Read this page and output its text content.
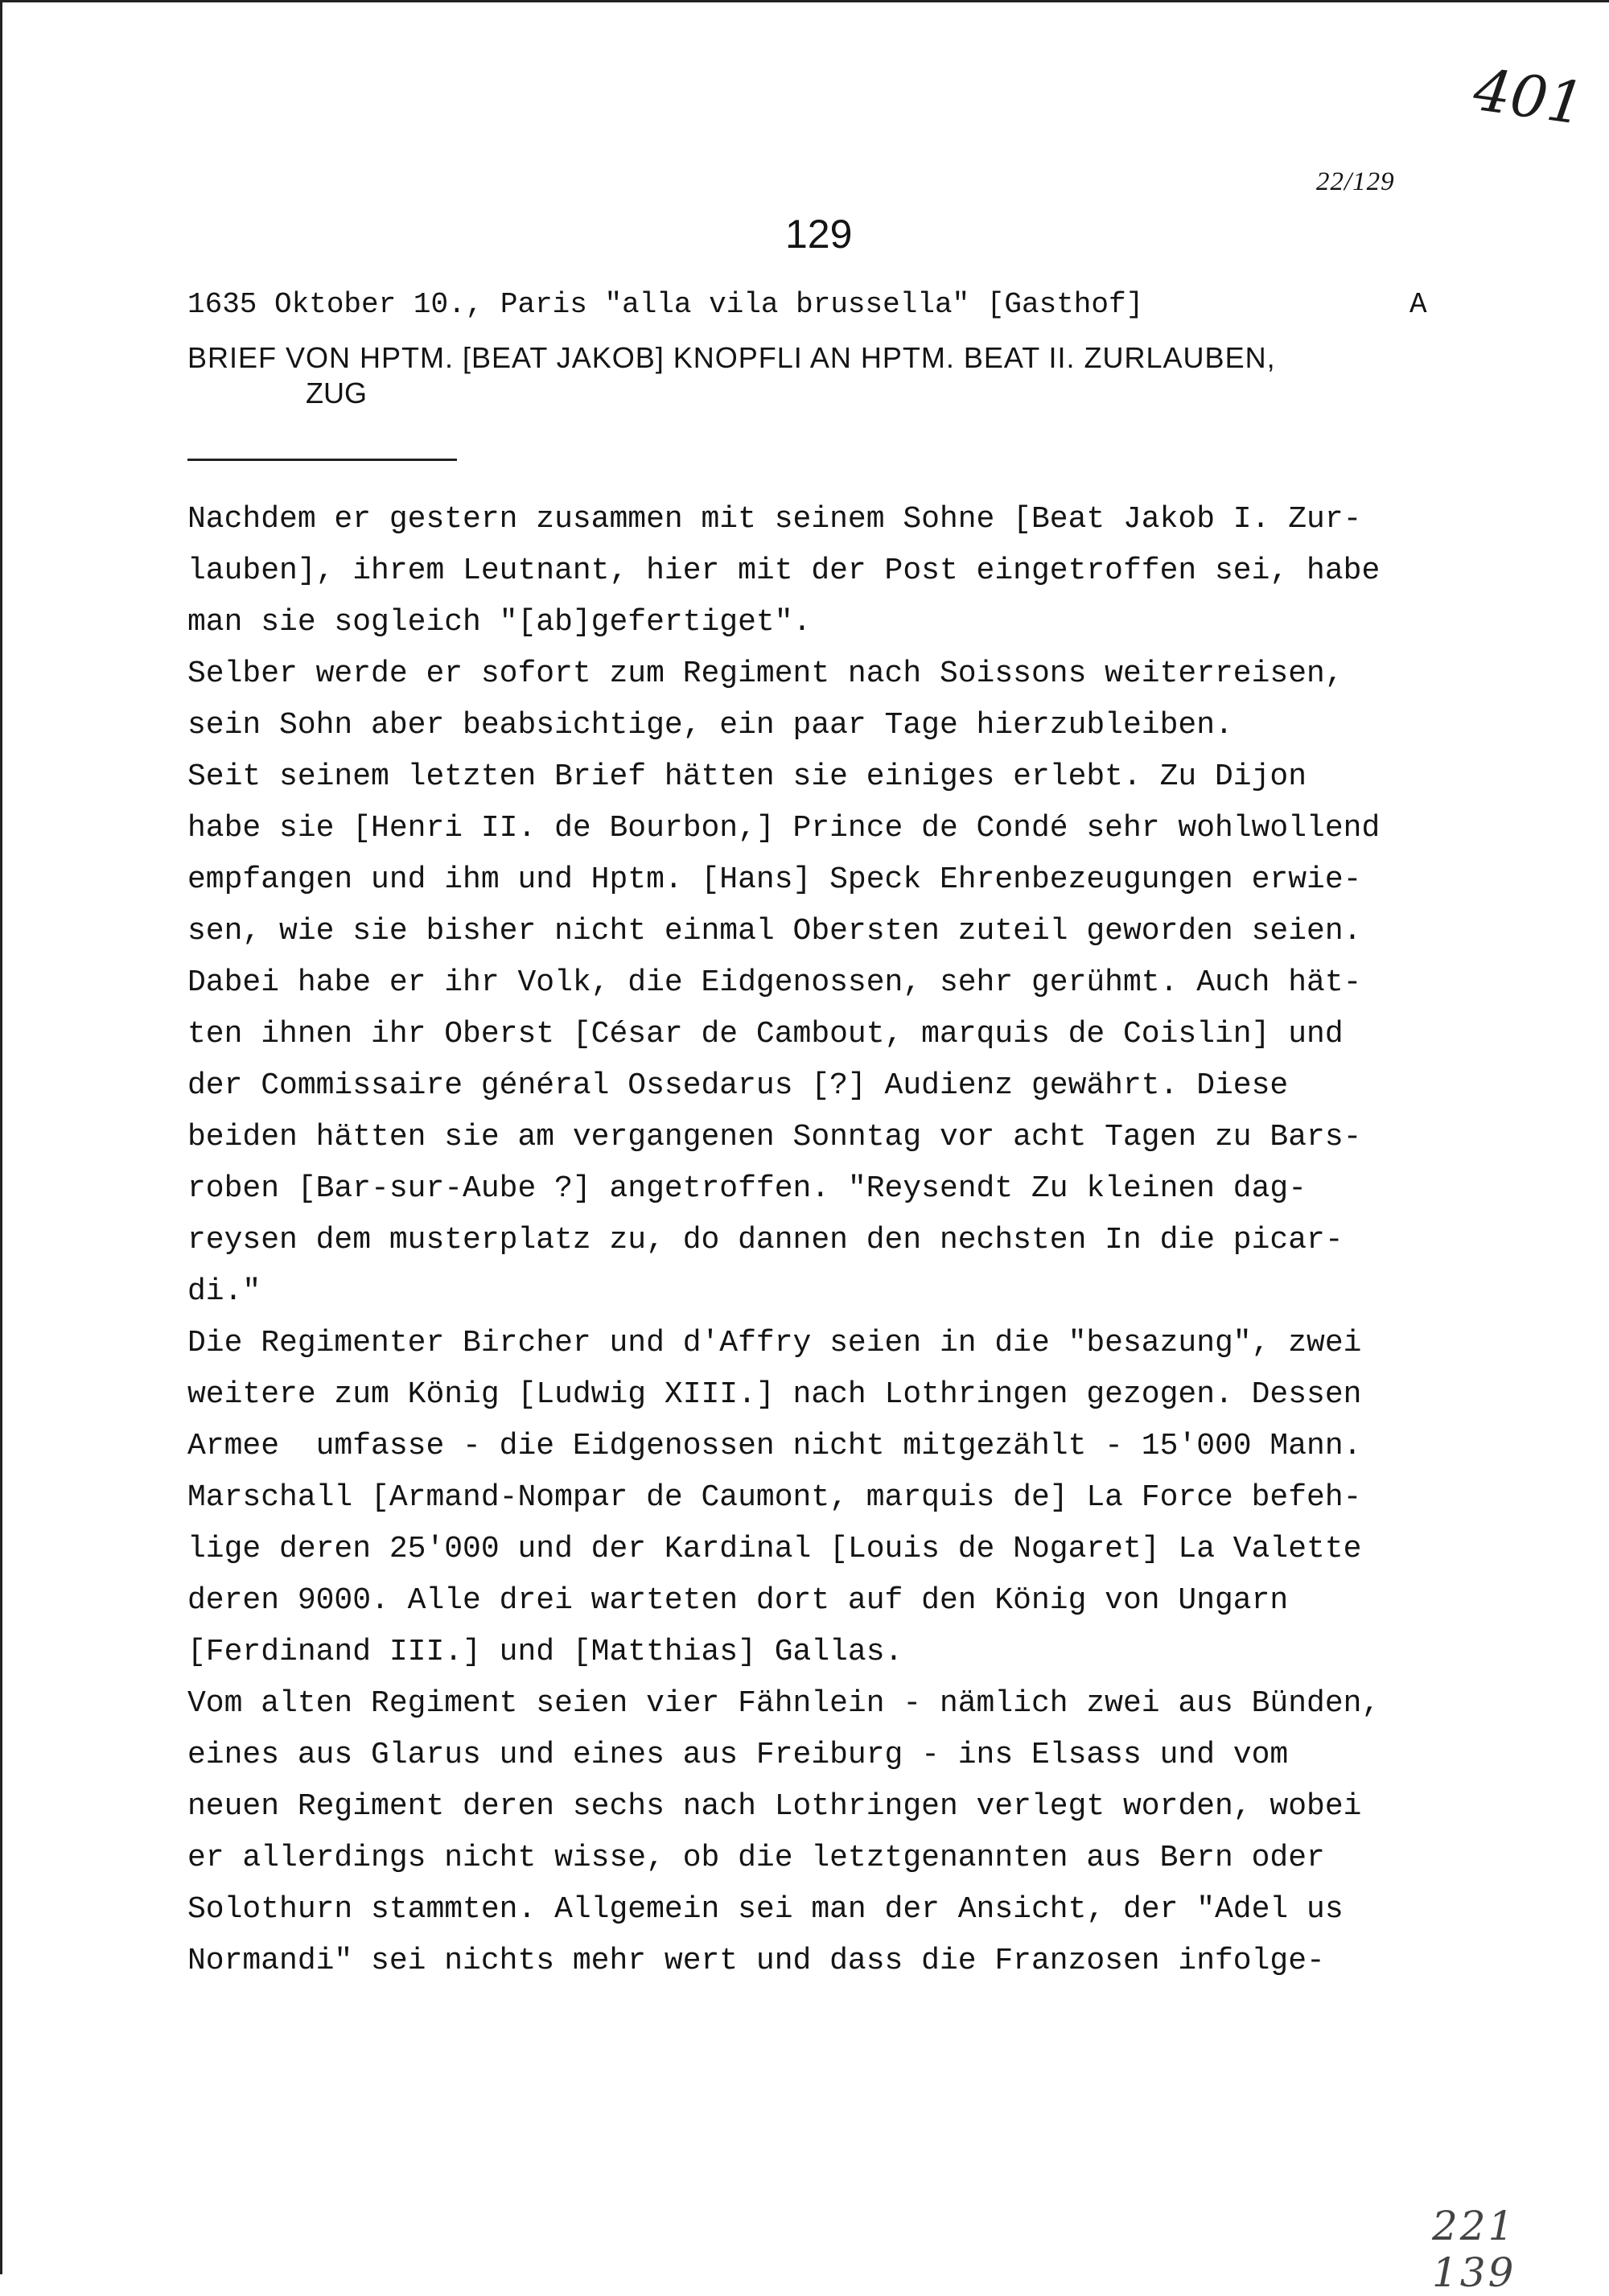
401
22/129
129
1635 Oktober 10., Paris "alla vila brussella" [Gasthof]	A
BRIEF VON HPTM. [BEAT JAKOB] KNOPFLI AN HPTM. BEAT II. ZURLAUBEN,
ZUG
Nachdem er gestern zusammen mit seinem Sohne [Beat Jakob I. Zur-
lauben], ihrem Leutnant, hier mit der Post eingetroffen sei, habe
man sie sogleich "[ab]gefertiget".
Selber werde er sofort zum Regiment nach Soissons weiterreisen,
sein Sohn aber beabsichtige, ein paar Tage hierzubleiben.
Seit seinem letzten Brief hätten sie einiges erlebt. Zu Dijon
habe sie [Henri II. de Bourbon,] Prince de Condé sehr wohlwollend
empfangen und ihm und Hptm. [Hans] Speck Ehrenbezeugungen erwie-
sen, wie sie bisher nicht einmal Obersten zuteil geworden seien.
Dabei habe er ihr Volk, die Eidgenossen, sehr gerühmt. Auch hät-
ten ihnen ihr Oberst [César de Cambout, marquis de Coislin] und
der Commissaire général Ossedarus [?] Audienz gewährt. Diese
beiden hätten sie am vergangenen Sonntag vor acht Tagen zu Bars-
roben [Bar-sur-Aube ?] angetroffen. "Reysendt Zu kleinen dag-
reysen dem musterplatz zu, do dannen den nechsten In die picar-
di."
Die Regimenter Bircher und d'Affry seien in die "besazung", zwei
weitere zum König [Ludwig XIII.] nach Lothringen gezogen. Dessen
Armee  umfasse - die Eidgenossen nicht mitgezählt - 15'000 Mann.
Marschall [Armand-Nompar de Caumont, marquis de] La Force befeh-
lige deren 25'000 und der Kardinal [Louis de Nogaret] La Valette
deren 9000. Alle drei warteten dort auf den König von Ungarn
[Ferdinand III.] und [Matthias] Gallas.
Vom alten Regiment seien vier Fähnlein - nämlich zwei aus Bünden,
eines aus Glarus und eines aus Freiburg - ins Elsass und vom
neuen Regiment deren sechs nach Lothringen verlegt worden, wobei
er allerdings nicht wisse, ob die letztgenannten aus Bern oder
Solothurn stammten. Allgemein sei man der Ansicht, der "Adel us
Normandi" sei nichts mehr wert und dass die Franzosen infolge-
221 139
